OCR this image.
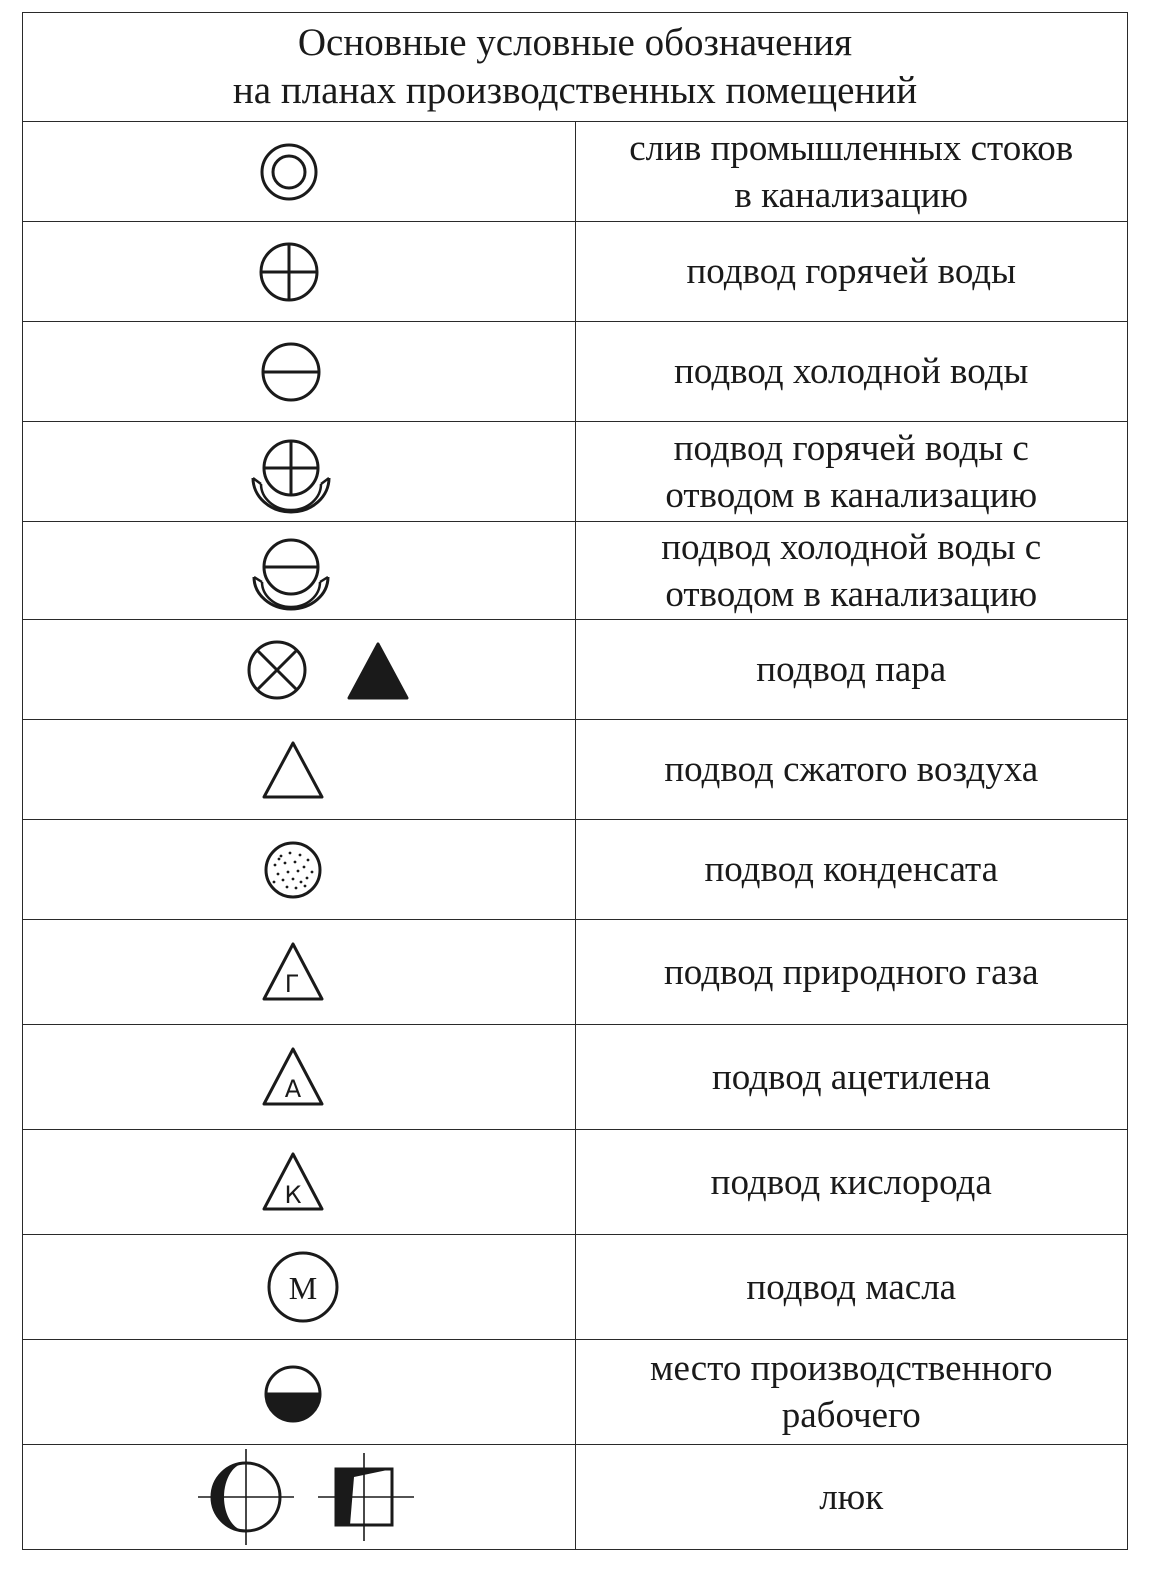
Основные условные обозначения
на планах производственных помещений	

слив промышленных стоков
в канализацию

подвод горячей воды

подвод холодной воды

подвод горячей воды с
отводом в канализацию

подвод холодной воды с
отводом в канализацию

подвод пара

подвод сжатого воздуха

подвод конденсата

Г	подвод природного газа

А	подвод ацетилена

К	подвод кислорода

М	подвод масла

место производственного
рабочего

люк
